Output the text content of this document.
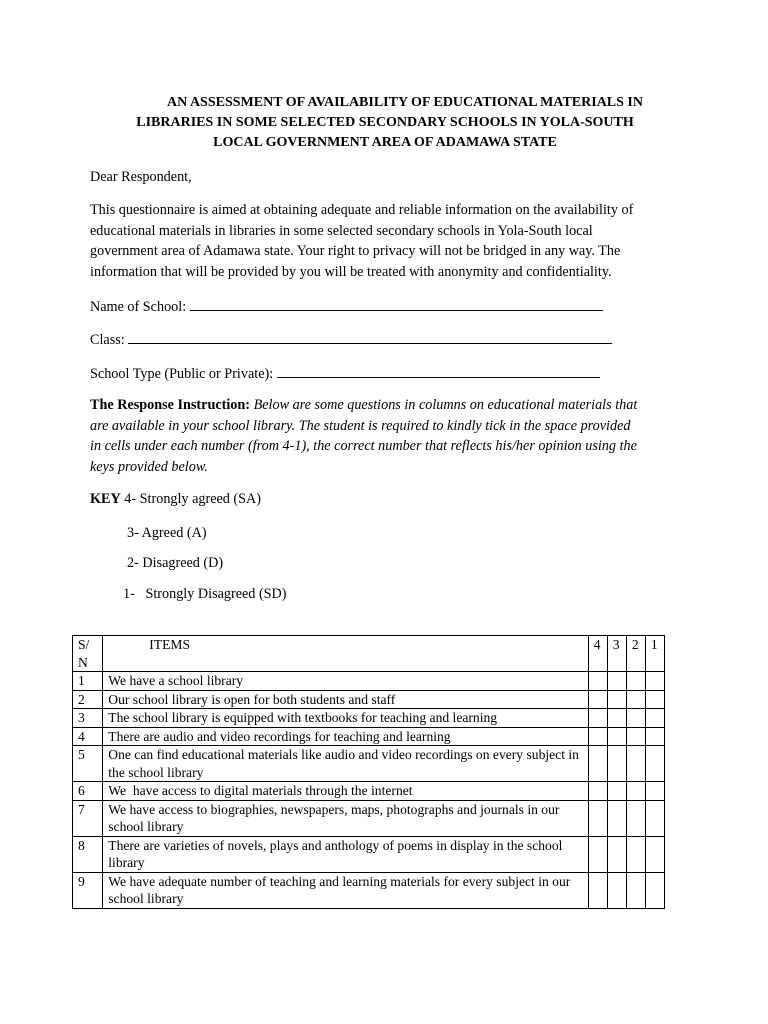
AN ASSESSMENT OF AVAILABILITY OF EDUCATIONAL MATERIALS IN
LIBRARIES IN SOME SELECTED SECONDARY SCHOOLS IN YOLA-SOUTH
LOCAL GOVERNMENT AREA OF ADAMAWA STATE
Dear Respondent,
This questionnaire is aimed at obtaining adequate and reliable information on the availability of
educational materials in libraries in some selected secondary schools in Yola-South local
government area of Adamawa state. Your right to privacy will not be bridged in any way. The
information that will be provided by you will be treated with anonymity and confidentiality.
Name of School:
Class:
School Type (Public or Private):
The Response Instruction: Below are some questions in columns on educational materials that
are available in your school library. The student is required to kindly tick in the space provided
in cells under each number (from 4-1), the correct number that reflects his/her opinion using the
keys provided below.
KEY 4- Strongly agreed (SA)
3- Agreed (A)
2- Disagreed (D)
1-   Strongly Disagreed (SD)
S/ N	ITEMS	4	3	2	1
1	We have a school library				
2	Our school library is open for both students and staff				
3	The school library is equipped with textbooks for teaching and learning				
4	There are audio and video recordings for teaching and learning				
5	One can find educational materials like audio and video recordings on every subject in the school library				
6	We  have access to digital materials through the internet				
7	We have access to biographies, newspapers, maps, photographs and journals in our school library				
8	There are varieties of novels, plays and anthology of poems in display in the school library				
9	We have adequate number of teaching and learning materials for every subject in our school library				
